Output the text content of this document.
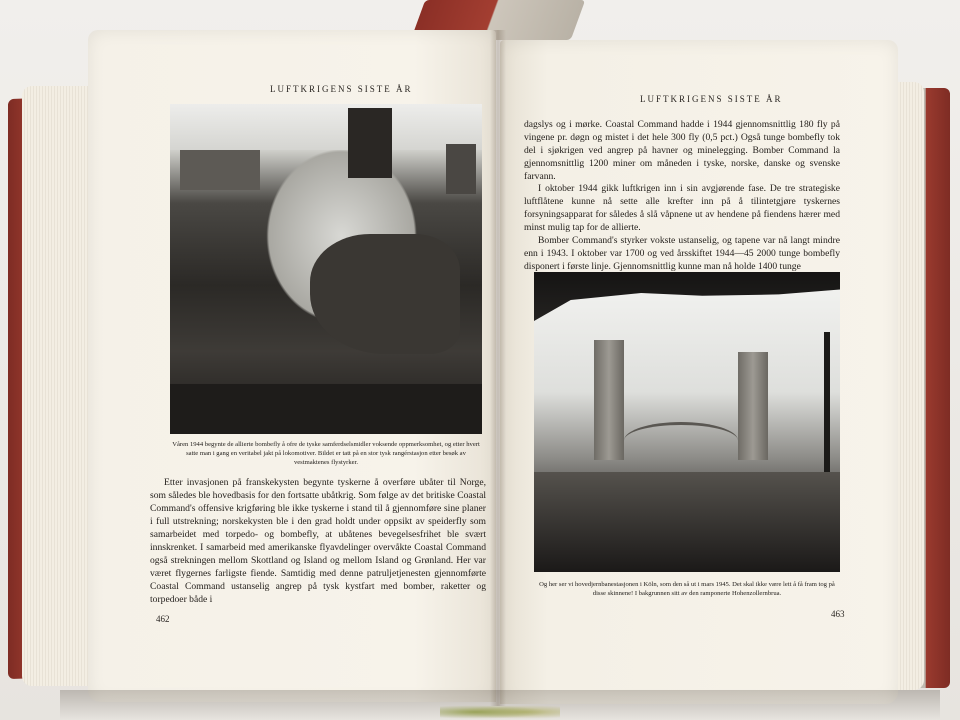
LUFTKRIGENS SISTE ÅR
LUFTKRIGENS SISTE ÅR
Våren 1944 begynte de allierte bombefly å ofre de tyske samferdselsmidler voksende oppmerksomhet, og etter hvert satte man i gang en veritabel jakt på lokomotiver. Bildet er tatt på en stor tysk rangérstasjon etter besøk av vestmaktenes flystyrker.
Etter invasjonen på franskekysten begynte tyskerne å overføre ubåter til Norge, som således ble hovedbasis for den fortsatte ubåtkrig. Som følge av det britiske Coastal Command's offensive krigføring ble ikke tyskerne i stand til å gjennomføre sine planer i full utstrekning; norskekysten ble i den grad holdt under oppsikt av speiderfly som samarbeidet med torpedo- og bombefly, at ubåtenes bevegelsesfrihet ble svært innskrenket. I samarbeid med amerikanske flyavdelinger overvåkte Coastal Command også strekningen mellom Skottland og Island og mellom Island og Grønland. Her var været flygernes farligste fiende. Samtidig med denne patruljetjenesten gjennomførte Coastal Command ustanselig angrep på tysk kystfart med bomber, raketter og torpedoer både i
462
dagslys og i mørke. Coastal Command hadde i 1944 gjennomsnittlig 180 fly på vingene pr. døgn og mistet i det hele 300 fly (0,5 pct.) Også tunge bombefly tok del i sjøkrigen ved angrep på havner og minelegging. Bomber Command la gjennomsnittlig 1200 miner om måneden i tyske, norske, danske og svenske farvann.

I oktober 1944 gikk luftkrigen inn i sin avgjørende fase. De tre strategiske luftflåtene kunne nå sette alle krefter inn på å tilintetgjøre tyskernes forsyningsapparat for således å slå våpnene ut av hendene på fiendens hærer med minst mulig tap for de allierte.

Bomber Command's styrker vokste ustanselig, og tapene var nå langt mindre enn i 1943. I oktober var 1700 og ved årsskiftet 1944—45 2000 tunge bombefly disponert i første linje. Gjennomsnittlig kunne man nå holde 1400 tunge

Og her ser vi hovedjernbanestasjonen i Köln, som den så ut i mars 1945. Det skal ikke være lett å få fram tog på disse skinnene! I bakgrunnen sitt av den ramponerte Hohenzollernbrua.
463
